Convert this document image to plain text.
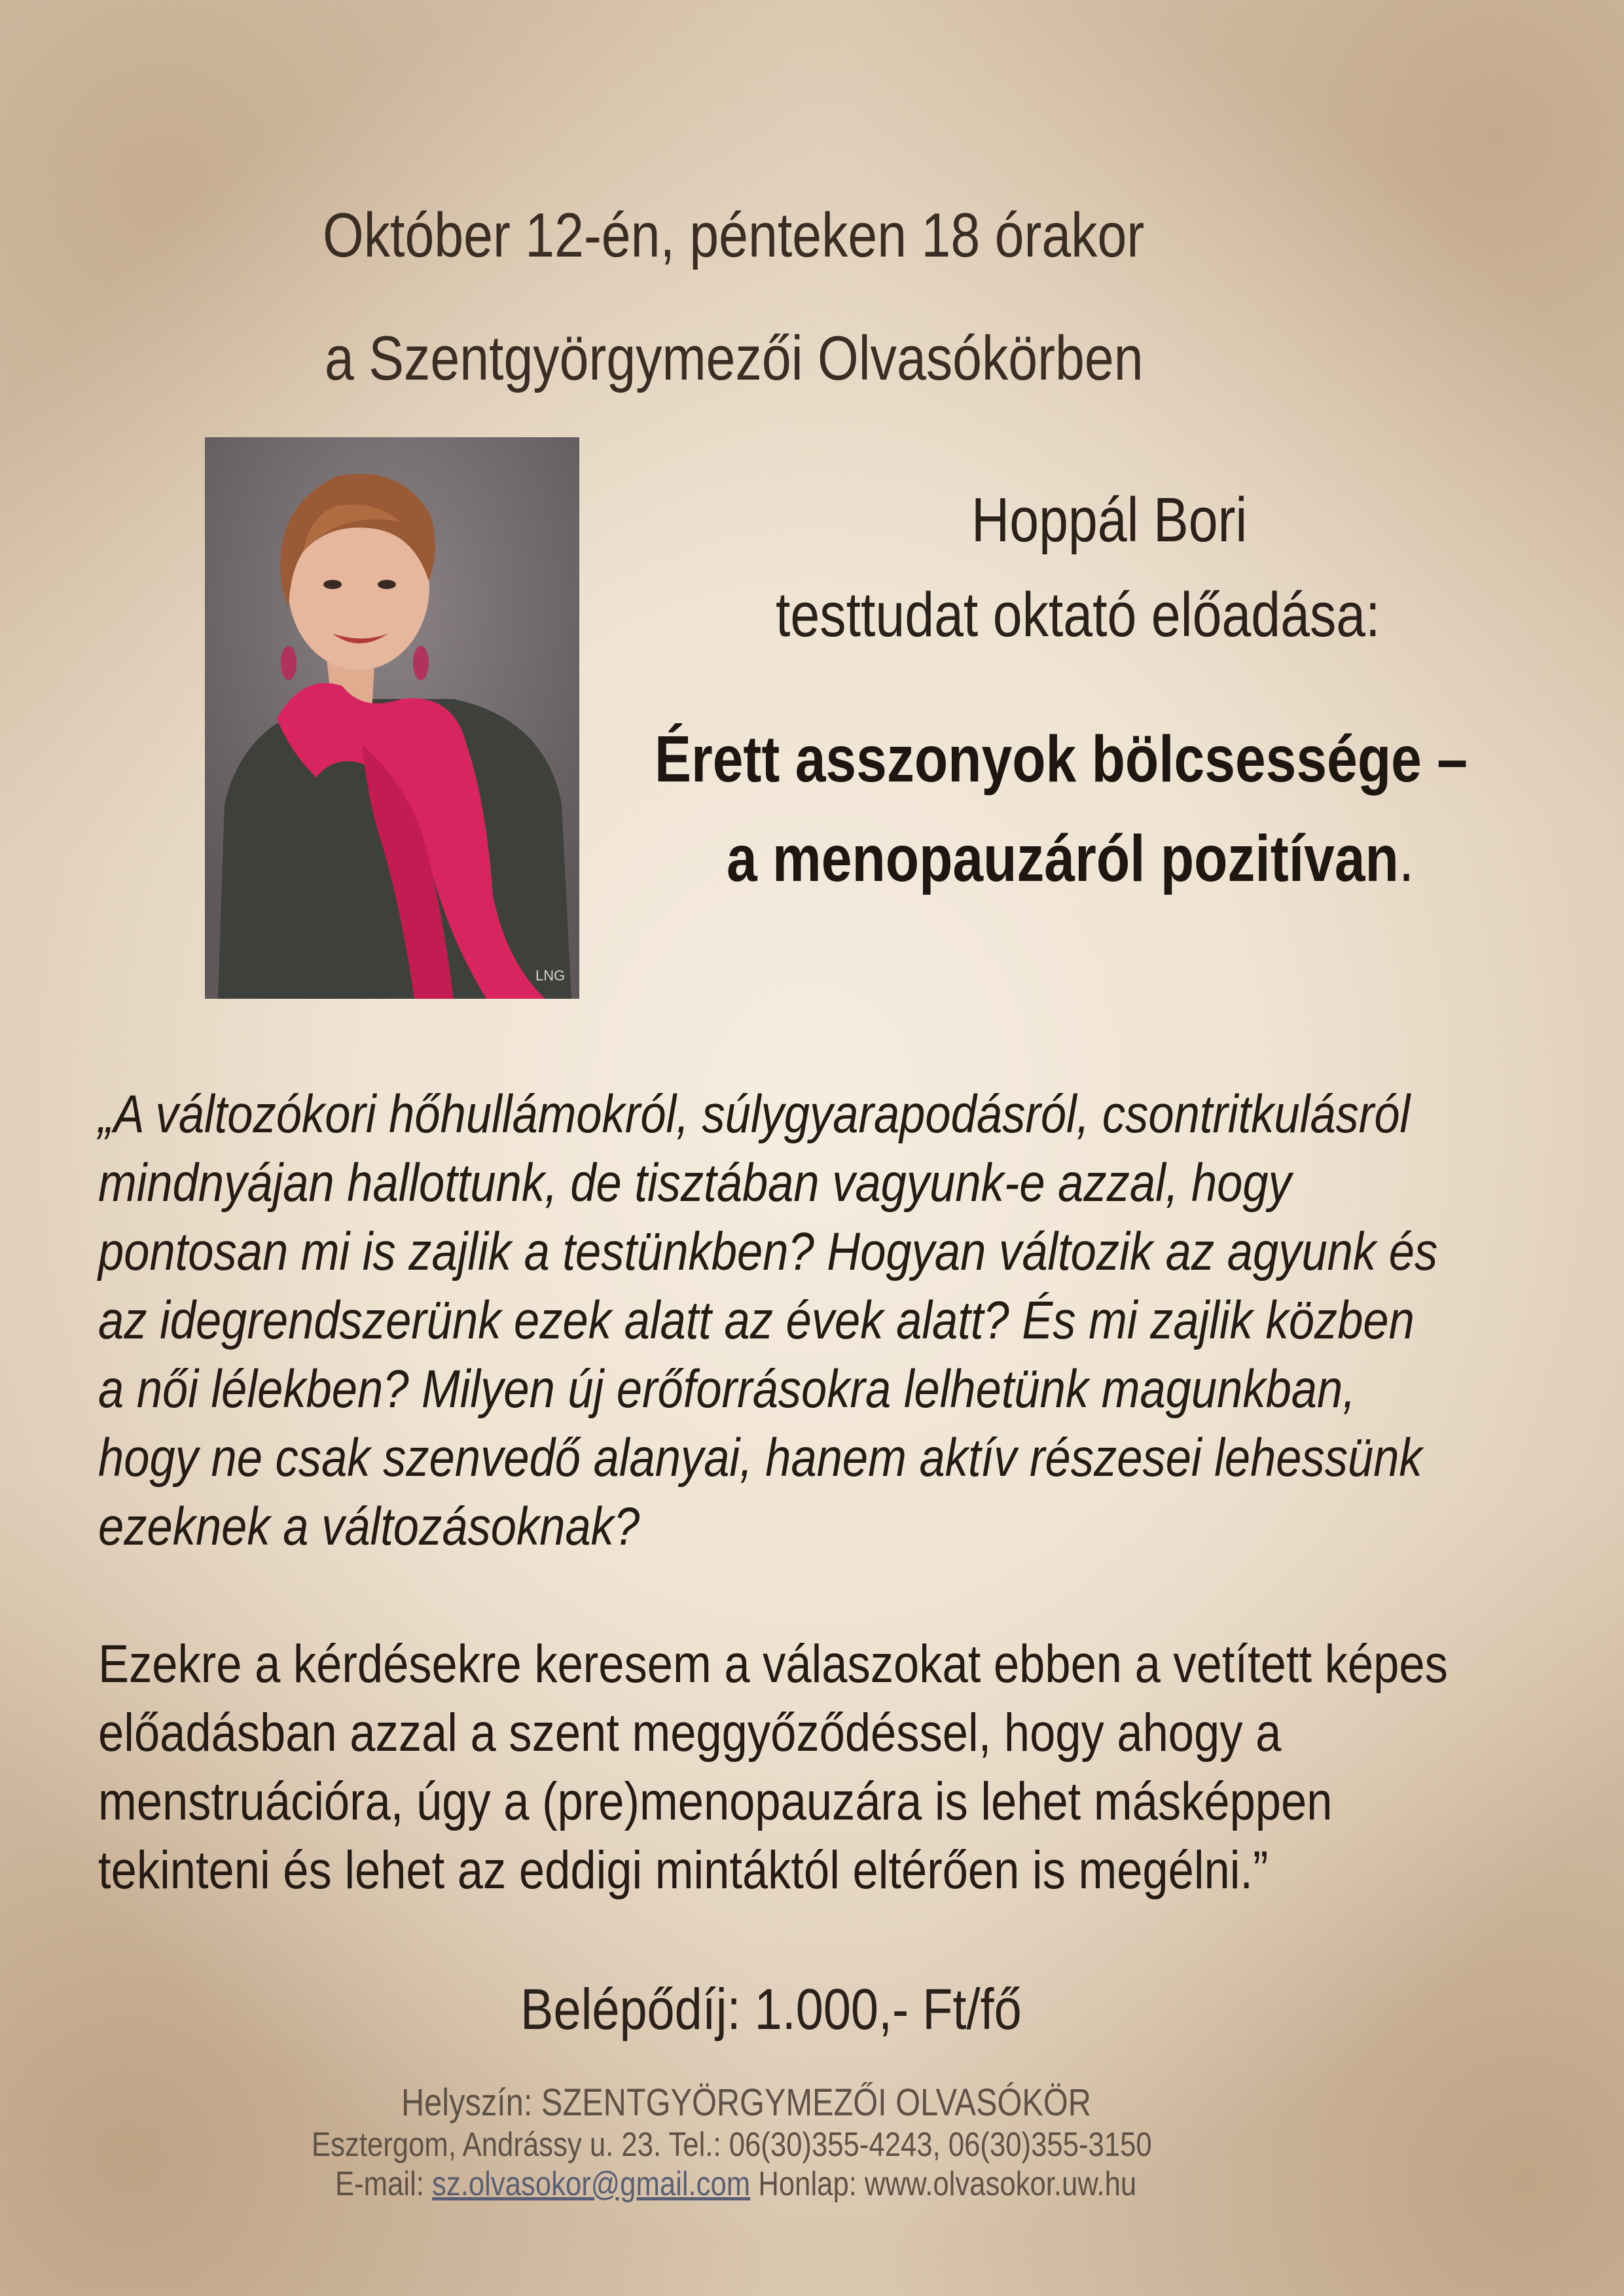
Október 12-én, pénteken 18 órakor
a Szentgyörgymezői Olvasókörben
LNG
Hoppál Bori
testtudat oktató előadása:
Érett asszonyok bölcsessége –
a menopauzáról pozitívan.
„A változókori hőhullámokról, súlygyarapodásról, csontritkulásról
mindnyájan hallottunk, de tisztában vagyunk-e azzal, hogy
pontosan mi is zajlik a testünkben? Hogyan változik az agyunk és
az idegrendszerünk ezek alatt az évek alatt? És mi zajlik közben
a női lélekben? Milyen új erőforrásokra lelhetünk magunkban,
hogy ne csak szenvedő alanyai, hanem aktív részesei lehessünk
ezeknek a változásoknak?
Ezekre a kérdésekre keresem a válaszokat ebben a vetített képes
előadásban azzal a szent meggyőződéssel, hogy ahogy a
menstruációra, úgy a (pre)menopauzára is lehet másképpen
tekinteni és lehet az eddigi mintáktól eltérően is megélni.”
Belépődíj: 1.000,- Ft/fő
Helyszín: SZENTGYÖRGYMEZŐI OLVASÓKÖR
Esztergom, Andrássy u. 23. Tel.: 06(30)355-4243, 06(30)355-3150
E-mail: sz.olvasokor@gmail.com Honlap: www.olvasokor.uw.hu
